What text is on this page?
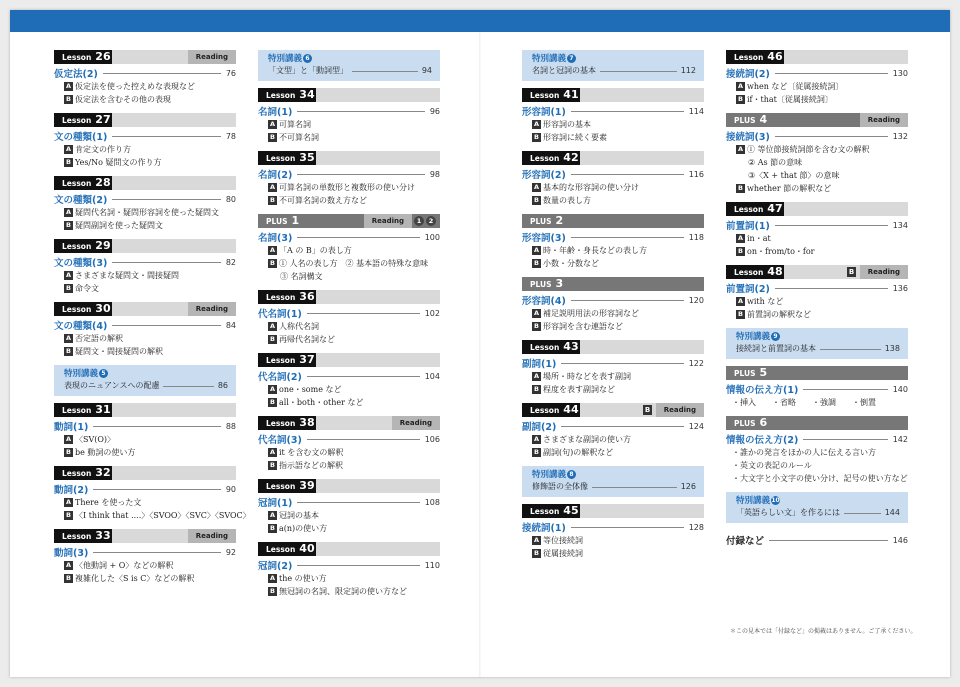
Lesson 26	Reading
仮定法(2)	76
A 仮定法を使った控えめな表現など
B 仮定法を含むその他の表現
Lesson 27
文の種類(1)	78
A 肯定文の作り方
B Yes/No 疑問文の作り方
Lesson 28
文の種類(2)	80
A 疑問代名詞・疑問形容詞を使った疑問文
B 疑問副詞を使った疑問文
Lesson 29
文の種類(3)	82
A さまざまな疑問文・間接疑問
B 命令文
Lesson 30	Reading
文の種類(4)	84
A 否定語の解釈
B 疑問文・間接疑問の解釈
特別講義 5
表現のニュアンスへの配慮	86
Lesson 31
動詞(1)	88
A 〈SV(O)〉
B be 動詞の使い方
Lesson 32
動詞(2)	90
A There を使った文
B 〈I think that ....〉〈SVOO〉〈SVC〉〈SVOC〉
Lesson 33	Reading
動詞(3)	92
A 〈他動詞 + O〉などの解釈
B 複雑化した〈S is C〉などの解釈
特別講義 6
「文型」と「動詞型」	94
Lesson 34
名詞(1)	96
A 可算名詞
B 不可算名詞
Lesson 35
名詞(2)	98
A 可算名詞の単数形と複数形の使い分け
B 不可算名詞の数え方など
PLUS 1	Reading	1	2
名詞(3)	100
A 「A の B」の表し方
B ① 人名の表し方　② 基本語の特殊な意味
③ 名詞構文
Lesson 36
代名詞(1)	102
A 人称代名詞
B 再帰代名詞など
Lesson 37
代名詞(2)	104
A one・some など
B all・both・other など
Lesson 38	Reading
代名詞(3)	106
A it を含む文の解釈
B 指示語などの解釈
Lesson 39
冠詞(1)	108
A 冠詞の基本
B a(n)の使い方
Lesson 40
冠詞(2)	110
A the の使い方
B 無冠詞の名詞、限定詞の使い方など
特別講義 7
名詞と冠詞の基本	112
Lesson 41
形容詞(1)	114
A 形容詞の基本
B 形容詞に続く要素
Lesson 42
形容詞(2)	116
A 基本的な形容詞の使い分け
B 数量の表し方
PLUS 2
形容詞(3)	118
A 時・年齢・身長などの表し方
B 小数・分数など
PLUS 3
形容詞(4)	120
A 補足説明用法の形容詞など
B 形容詞を含む連語など
Lesson 43
副詞(1)	122
A 場所・時などを表す副詞
B 程度を表す副詞など
Lesson 44	Reading
B
副詞(2)	124
A さまざまな副詞の使い方
B 副詞(句)の解釈など
特別講義 8
修飾語の全体像	126
Lesson 45
接続詞(1)	128
A 等位接続詞
B 従属接続詞
Lesson 46
接続詞(2)	130
A when など〔従属接続詞〕
B if・that〔従属接続詞〕
PLUS 4	Reading
接続詞(3)	132
A ① 等位節接続詞節を含む文の解釈
② As 節の意味
③〈X + that 節〉の意味
B whether 節の解釈など
Lesson 47
前置詞(1)	134
A in・at
B on・from/to・for
Lesson 48	Reading
B
前置詞(2)	136
A with など
B 前置詞の解釈など
特別講義 9
接続詞と前置詞の基本	138
PLUS 5
情報の伝え方(1)	140
・挿入　　・省略　　・強調　　・倒置
PLUS 6
情報の伝え方(2)	142
・誰かの発言をほかの人に伝える言い方
・英文の表記のルール
・大文字と小文字の使い分け、記号の使い方など
特別講義10
「英語らしい文」を作るには	144
付録など	146
＊この見本では「付録など」の掲載はありません。ご了承ください。
